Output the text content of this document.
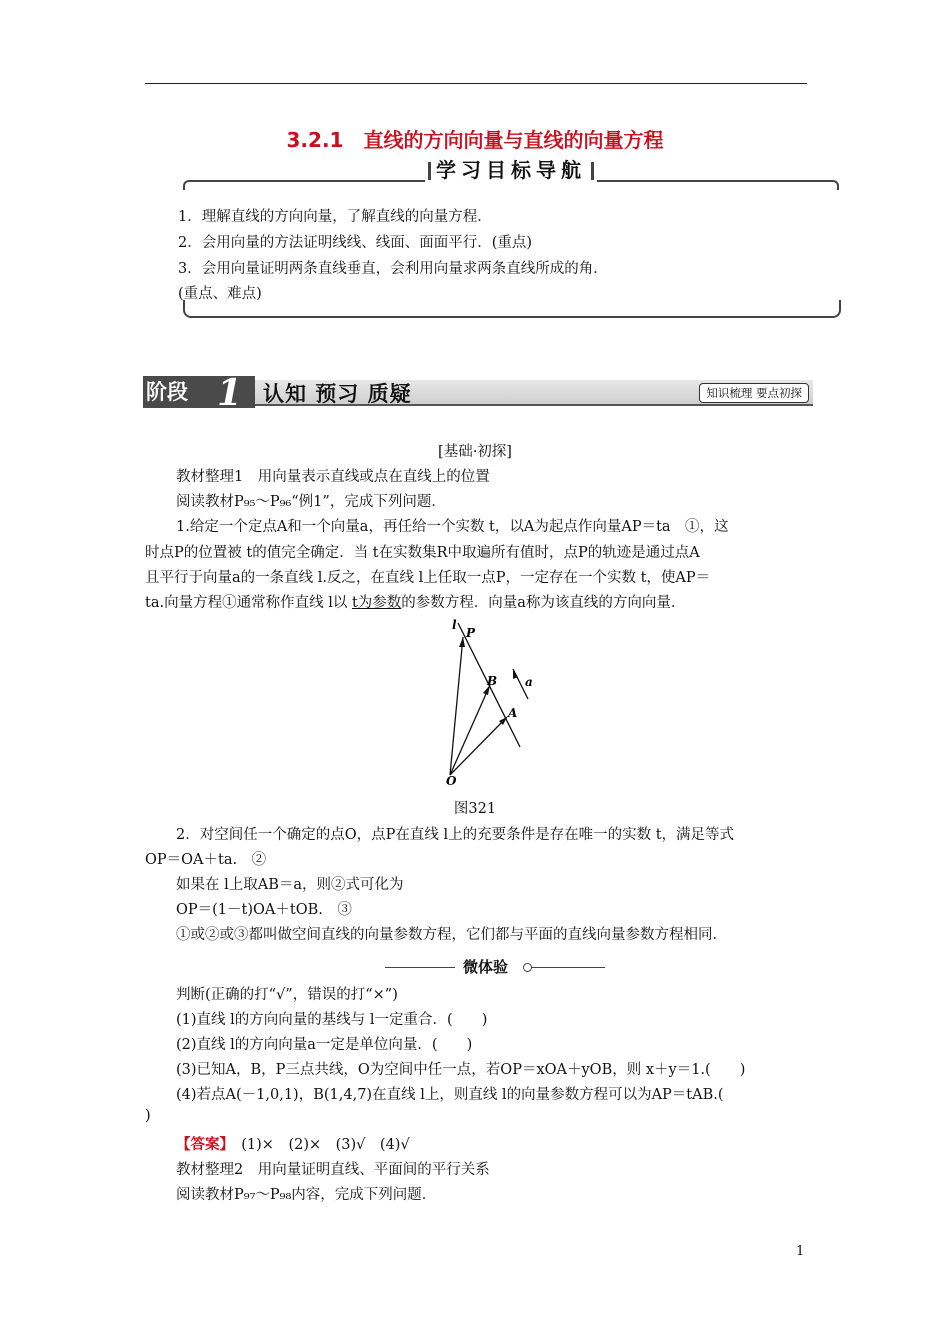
3.2.1　直线的方向向量与直线的向量方程
学习目标导航
1．理解直线的方向向量，了解直线的向量方程．
2．会用向量的方法证明线线、线面、面面平行．(重点)
3．会用向量证明两条直线垂直，会利用向量求两条直线所成的角．
(重点、难点)
阶段 1 认知 预习 质疑	知识梳理 要点初探
[基础·初探]
教材整理1　用向量表示直线或点在直线上的位置
阅读教材P₉₅～P₉₆“例1”，完成下列问题．
1.给定一个定点A和一个向量a，再任给一个实数 t，以A为起点作向量AP＝ta　①，这
时点P的位置被 t的值完全确定．当 t在实数集R中取遍所有值时，点P的轨迹是通过点A
且平行于向量a的一条直线 l.反之，在直线 l上任取一点P，一定存在一个实数 t，使AP＝
ta.向量方程①通常称作直线 l以 t为参数的参数方程．向量a称为该直线的方向向量．
l
P
B
A
O
a
图321
2．对空间任一个确定的点O，点P在直线 l上的充要条件是存在唯一的实数 t，满足等式
OP＝OA＋ta.　②
如果在 l上取AB＝a，则②式可化为
OP＝(1－t)OA＋tOB.　③
①或②或③都叫做空间直线的向量参数方程，它们都与平面的直线向量参数方程相同．
微体验
判断(正确的打“√”，错误的打“×”)
(1)直线 l的方向向量的基线与 l一定重合．(　　)
(2)直线 l的方向向量a一定是单位向量．(　　)
(3)已知A，B，P三点共线，O为空间中任一点，若OP＝xOA＋yOB，则 x＋y＝1.(　　)
(4)若点A(－1,0,1)，B(1,4,7)在直线 l上，则直线 l的向量参数方程可以为AP＝tAB.(
)
【答案】　(1)×　(2)×　(3)√　(4)√
教材整理2　用向量证明直线、平面间的平行关系
阅读教材P₉₇～P₉₈内容，完成下列问题．
1
